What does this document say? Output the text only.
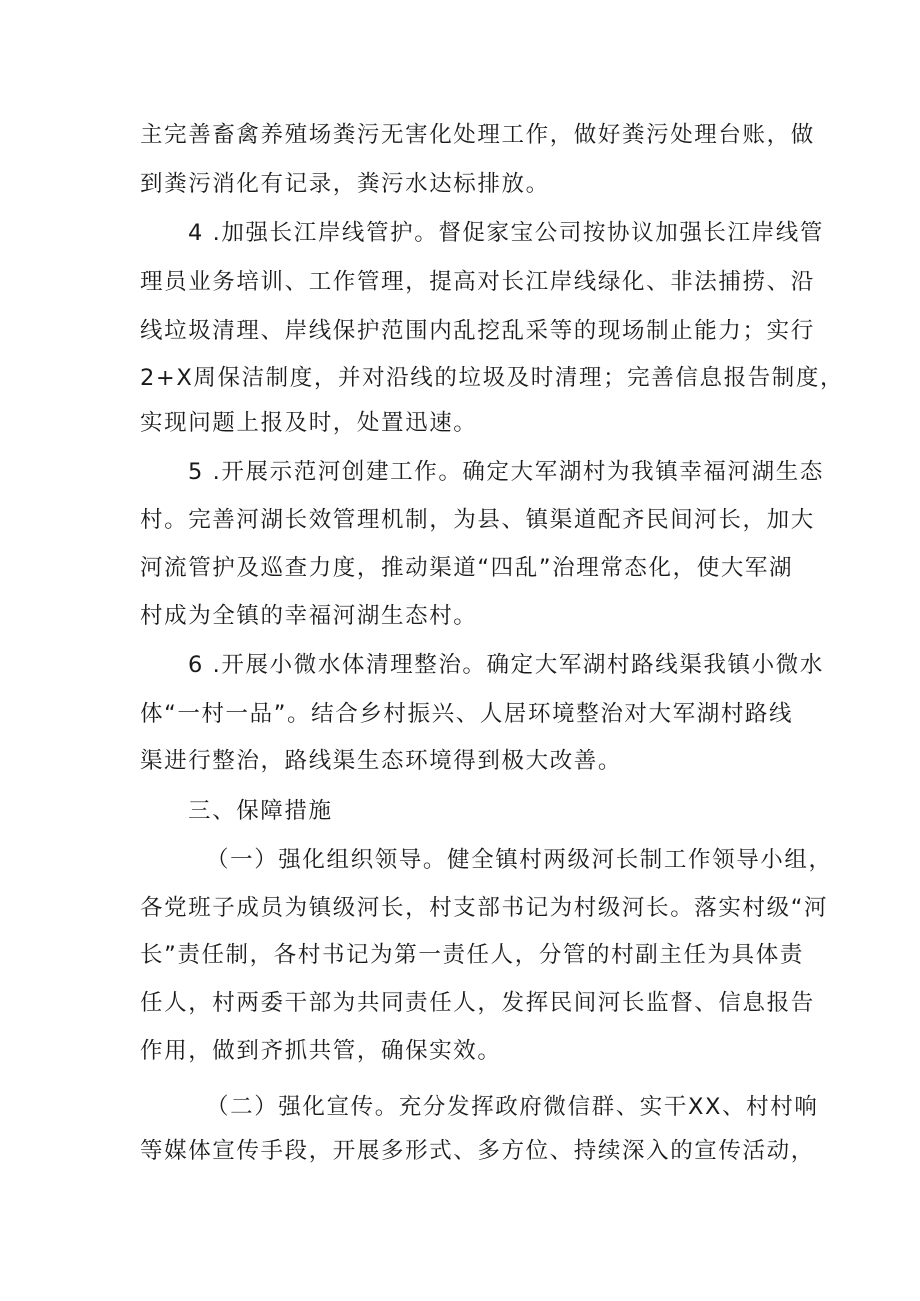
主完善畜禽养殖场粪污无害化处理工作，做好粪污处理台账，做
到粪污消化有记录，粪污水达标排放。
4 .加强长江岸线管护。督促家宝公司按协议加强长江岸线管
理员业务培训、工作管理，提高对长江岸线绿化、非法捕捞、沿
线垃圾清理、岸线保护范围内乱挖乱采等的现场制止能力；实行
2+X周保洁制度，并对沿线的垃圾及时清理；完善信息报告制度，
实现问题上报及时，处置迅速。
5 .开展示范河创建工作。确定大军湖村为我镇幸福河湖生态
村。完善河湖长效管理机制，为县、镇渠道配齐民间河长，加大
河流管护及巡查力度，推动渠道“四乱”治理常态化，使大军湖
村成为全镇的幸福河湖生态村。
6 .开展小微水体清理整治。确定大军湖村路线渠我镇小微水
体“一村一品”。结合乡村振兴、人居环境整治对大军湖村路线
渠进行整治，路线渠生态环境得到极大改善。
三、保障措施
（一）强化组织领导。健全镇村两级河长制工作领导小组，
各党班子成员为镇级河长，村支部书记为村级河长。落实村级“河
长”责任制，各村书记为第一责任人，分管的村副主任为具体责
任人，村两委干部为共同责任人，发挥民间河长监督、信息报告
作用，做到齐抓共管，确保实效。
（二）强化宣传。充分发挥政府微信群、实干XX、村村响
等媒体宣传手段，开展多形式、多方位、持续深入的宣传活动，
